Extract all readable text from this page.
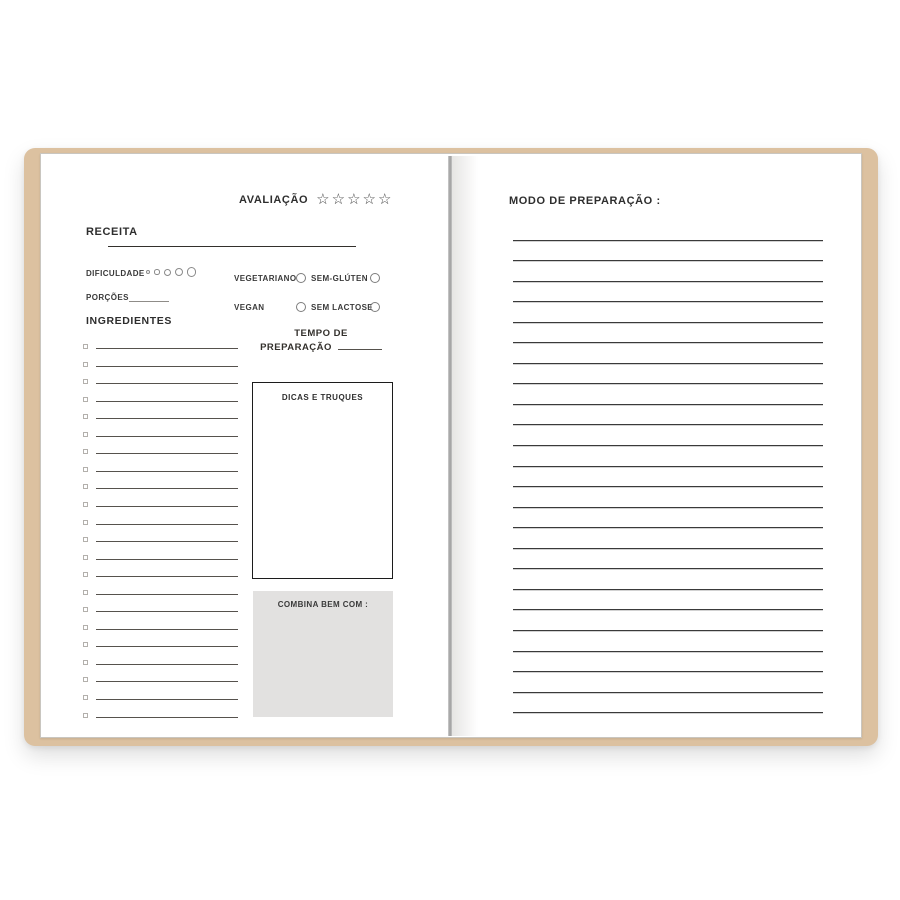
AVALIAÇÃO ☆ ☆ ☆ ☆ ☆
RECEITA
DIFICULDADE
PORÇÕES
VEGETARIANO SEM-GLÚTEN
VEGAN	SEM LACTOSE
INGREDIENTES
TEMPO DE
PREPARAÇÃO
DICAS E TRUQUES
COMBINA BEM COM :
MODO DE PREPARAÇÃO :
